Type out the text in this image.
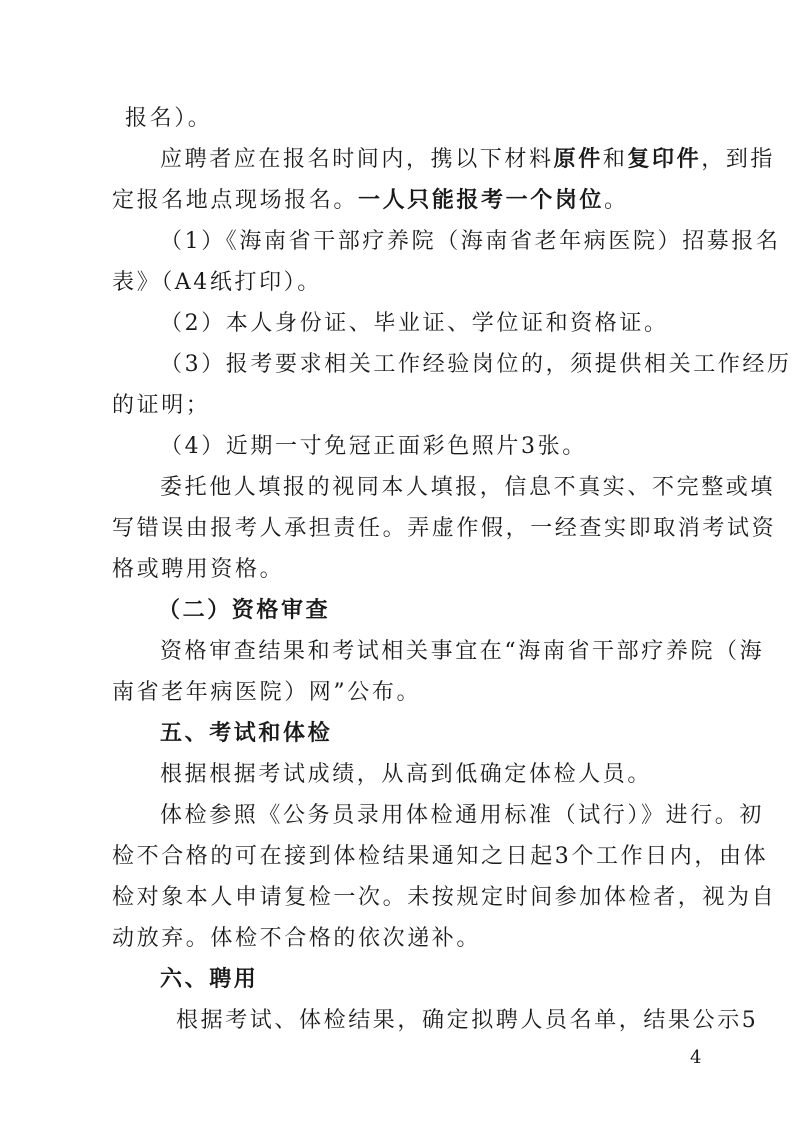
报名）。
应聘者应在报名时间内，携以下材料原件和复印件，到指
定报名地点现场报名。一人只能报考一个岗位。
（1）《海南省干部疗养院（海南省老年病医院）招募报名
表》（A4纸打印）。
（2）本人身份证、毕业证、学位证和资格证。
（3）报考要求相关工作经验岗位的，须提供相关工作经历
的证明；
（4）近期一寸免冠正面彩色照片3张。
委托他人填报的视同本人填报，信息不真实、不完整或填
写错误由报考人承担责任。弄虚作假，一经查实即取消考试资
格或聘用资格。
（二）资格审查
资格审查结果和考试相关事宜在“海南省干部疗养院（海
南省老年病医院）网”公布。
五、考试和体检
根据根据考试成绩，从高到低确定体检人员。
体检参照《公务员录用体检通用标准（试行）》进行。初
检不合格的可在接到体检结果通知之日起3个工作日内，由体
检对象本人申请复检一次。未按规定时间参加体检者，视为自
动放弃。体检不合格的依次递补。
六、聘用
根据考试、体检结果，确定拟聘人员名单，结果公示5
4
